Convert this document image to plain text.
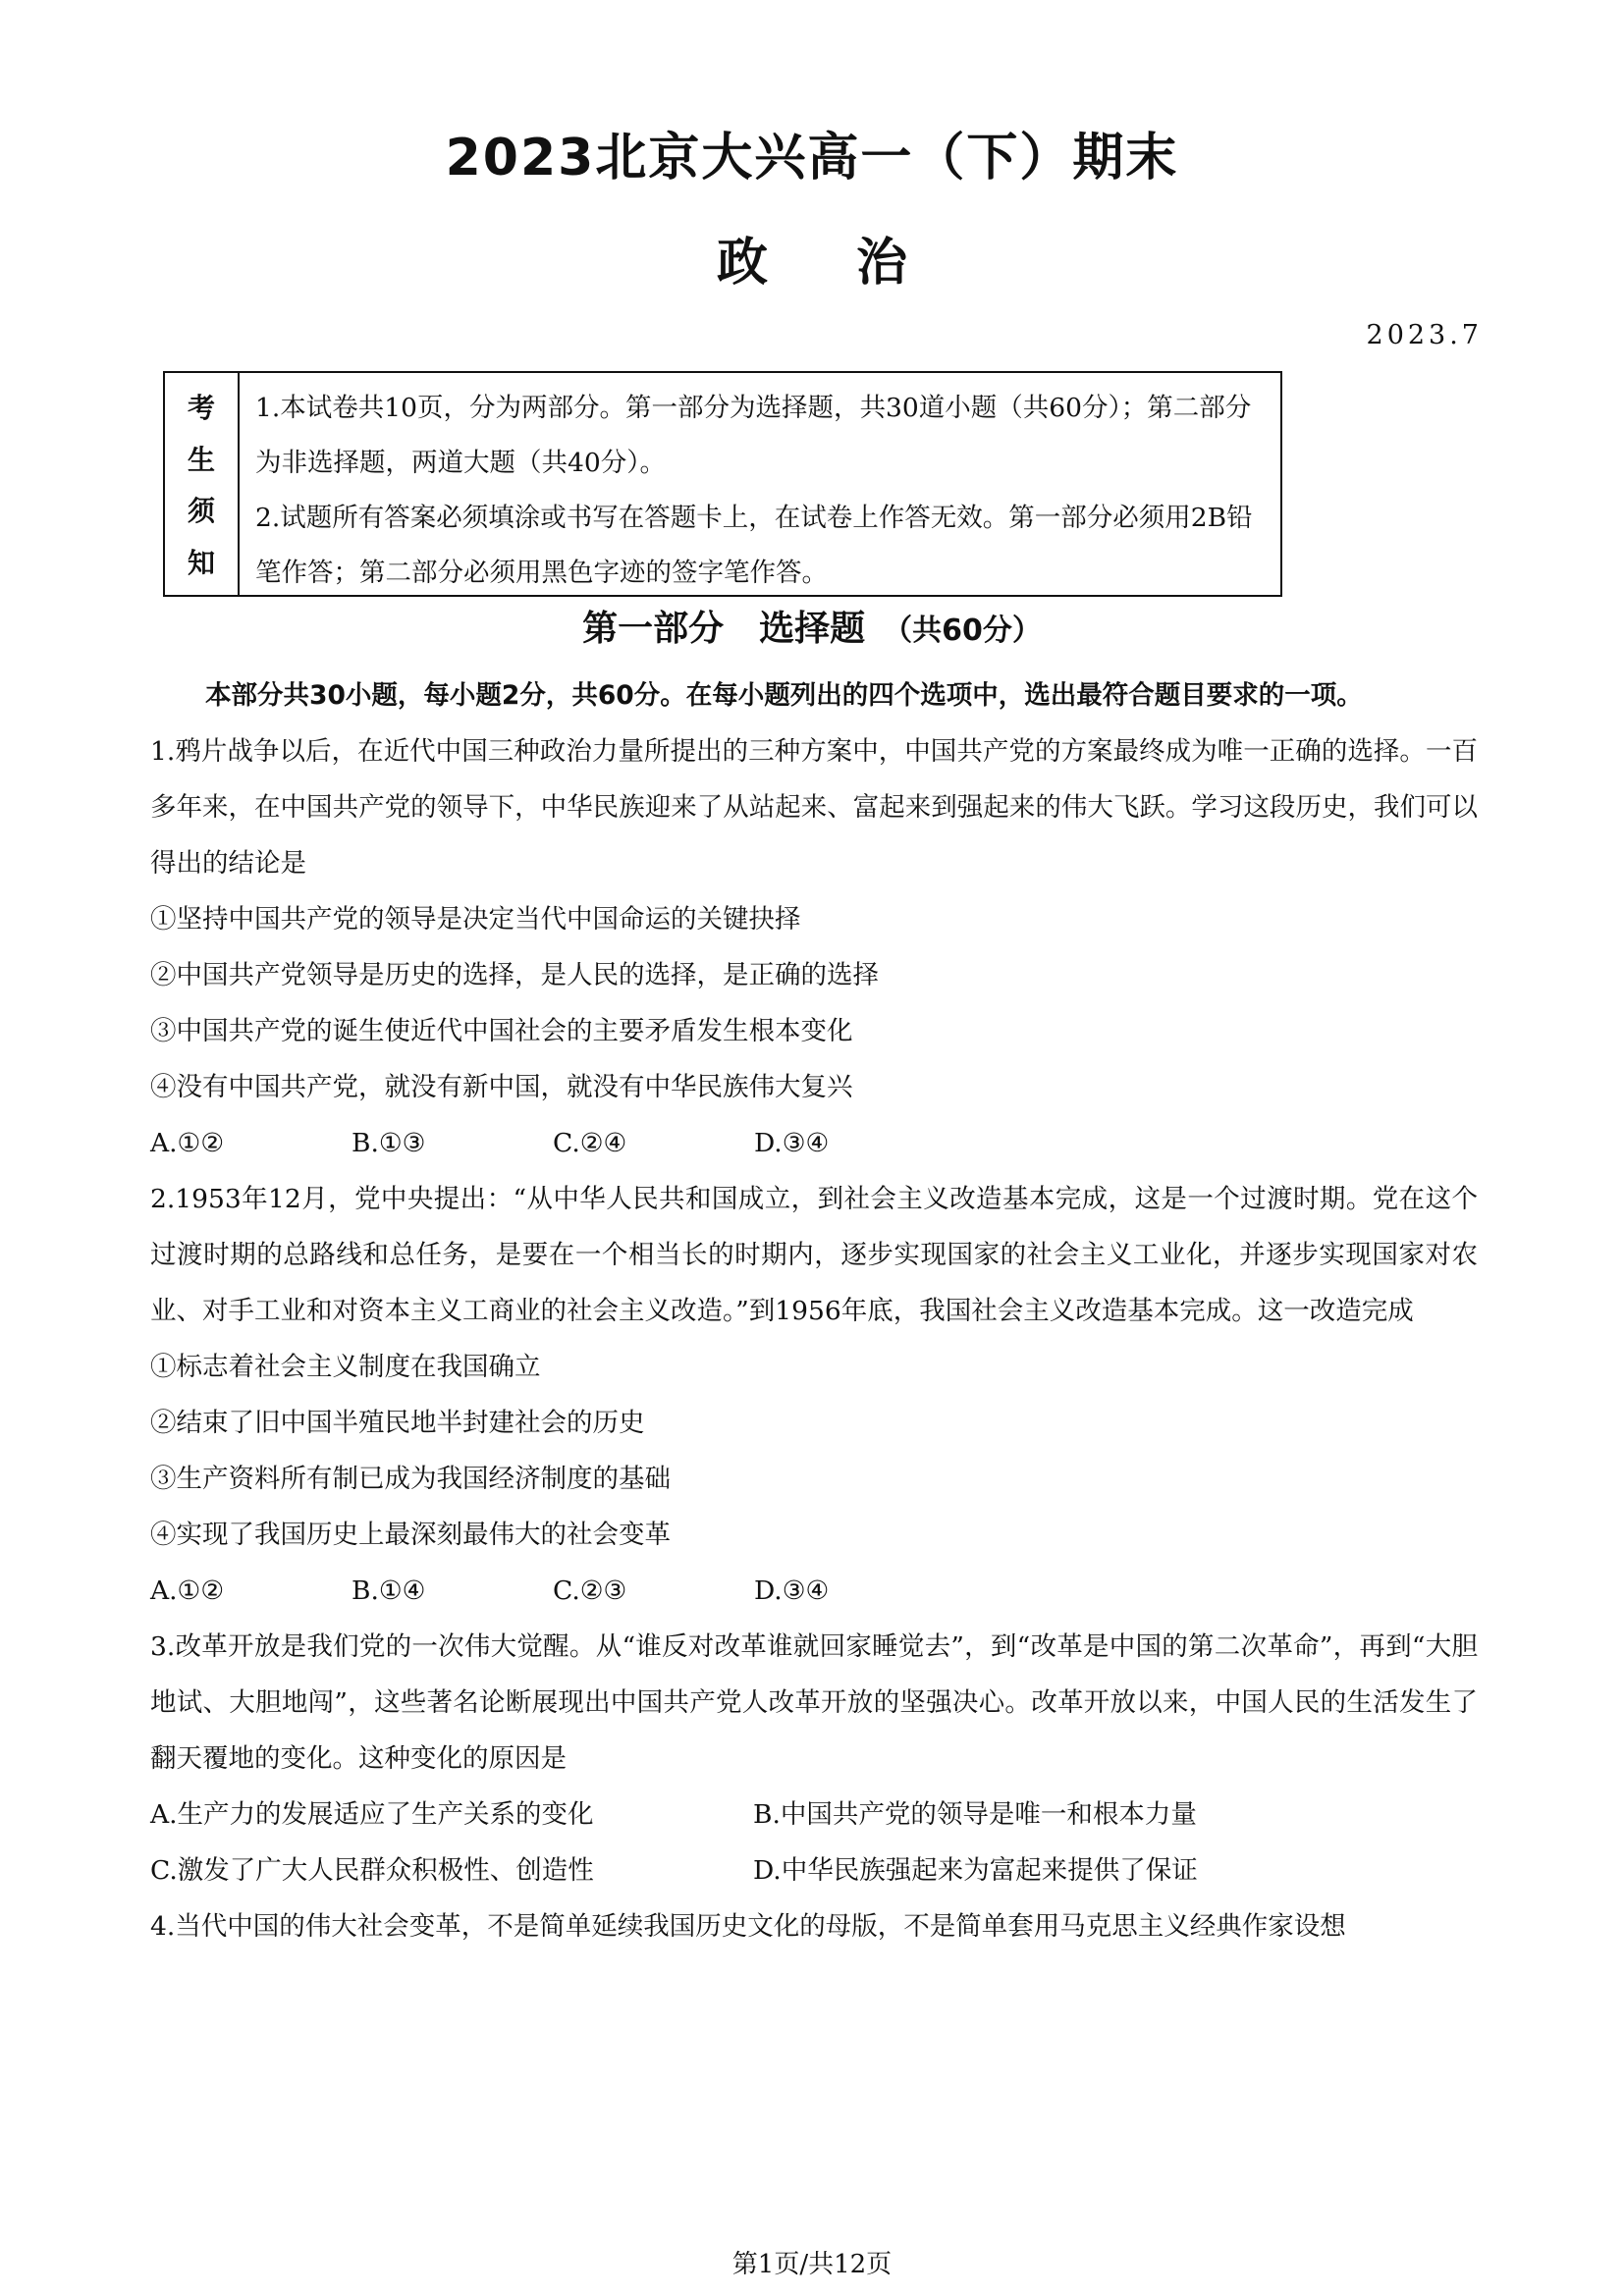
2023北京大兴高一（下）期末
政治
2023.7
考
生
须
知
1.本试卷共10页，分为两部分。第一部分为选择题，共30道小题（共60分）；第二部分为非选择题，两道大题（共40分）。
2.试题所有答案必须填涂或书写在答题卡上，在试卷上作答无效。第一部分必须用2B铅笔作答；第二部分必须用黑色字迹的签字笔作答。
第一部分　选择题 （共60分）
本部分共30小题，每小题2分，共60分。在每小题列出的四个选项中，选出最符合题目要求的一项。
1.鸦片战争以后，在近代中国三种政治力量所提出的三种方案中，中国共产党的方案最终成为唯一正确的选择。一百多年来，在中国共产党的领导下，中华民族迎来了从站起来、富起来到强起来的伟大飞跃。学习这段历史，我们可以得出的结论是
①坚持中国共产党的领导是决定当代中国命运的关键抉择
②中国共产党领导是历史的选择，是人民的选择，是正确的选择
③中国共产党的诞生使近代中国社会的主要矛盾发生根本变化
④没有中国共产党，就没有新中国，就没有中华民族伟大复兴
A.①②	B.①③	C.②④	D.③④
2.1953年12月，党中央提出：“从中华人民共和国成立，到社会主义改造基本完成，这是一个过渡时期。党在这个过渡时期的总路线和总任务，是要在一个相当长的时期内，逐步实现国家的社会主义工业化，并逐步实现国家对农业、对手工业和对资本主义工商业的社会主义改造。”到1956年底，我国社会主义改造基本完成。这一改造完成
①标志着社会主义制度在我国确立
②结束了旧中国半殖民地半封建社会的历史
③生产资料所有制已成为我国经济制度的基础
④实现了我国历史上最深刻最伟大的社会变革
A.①②	B.①④	C.②③	D.③④
3.改革开放是我们党的一次伟大觉醒。从“谁反对改革谁就回家睡觉去”，到“改革是中国的第二次革命”，再到“大胆地试、大胆地闯”，这些著名论断展现出中国共产党人改革开放的坚强决心。改革开放以来，中国人民的生活发生了翻天覆地的变化。这种变化的原因是
A.生产力的发展适应了生产关系的变化	B.中国共产党的领导是唯一和根本力量
C.激发了广大人民群众积极性、创造性	D.中华民族强起来为富起来提供了保证
4.当代中国的伟大社会变革，不是简单延续我国历史文化的母版，不是简单套用马克思主义经典作家设想
第1页/共12页
